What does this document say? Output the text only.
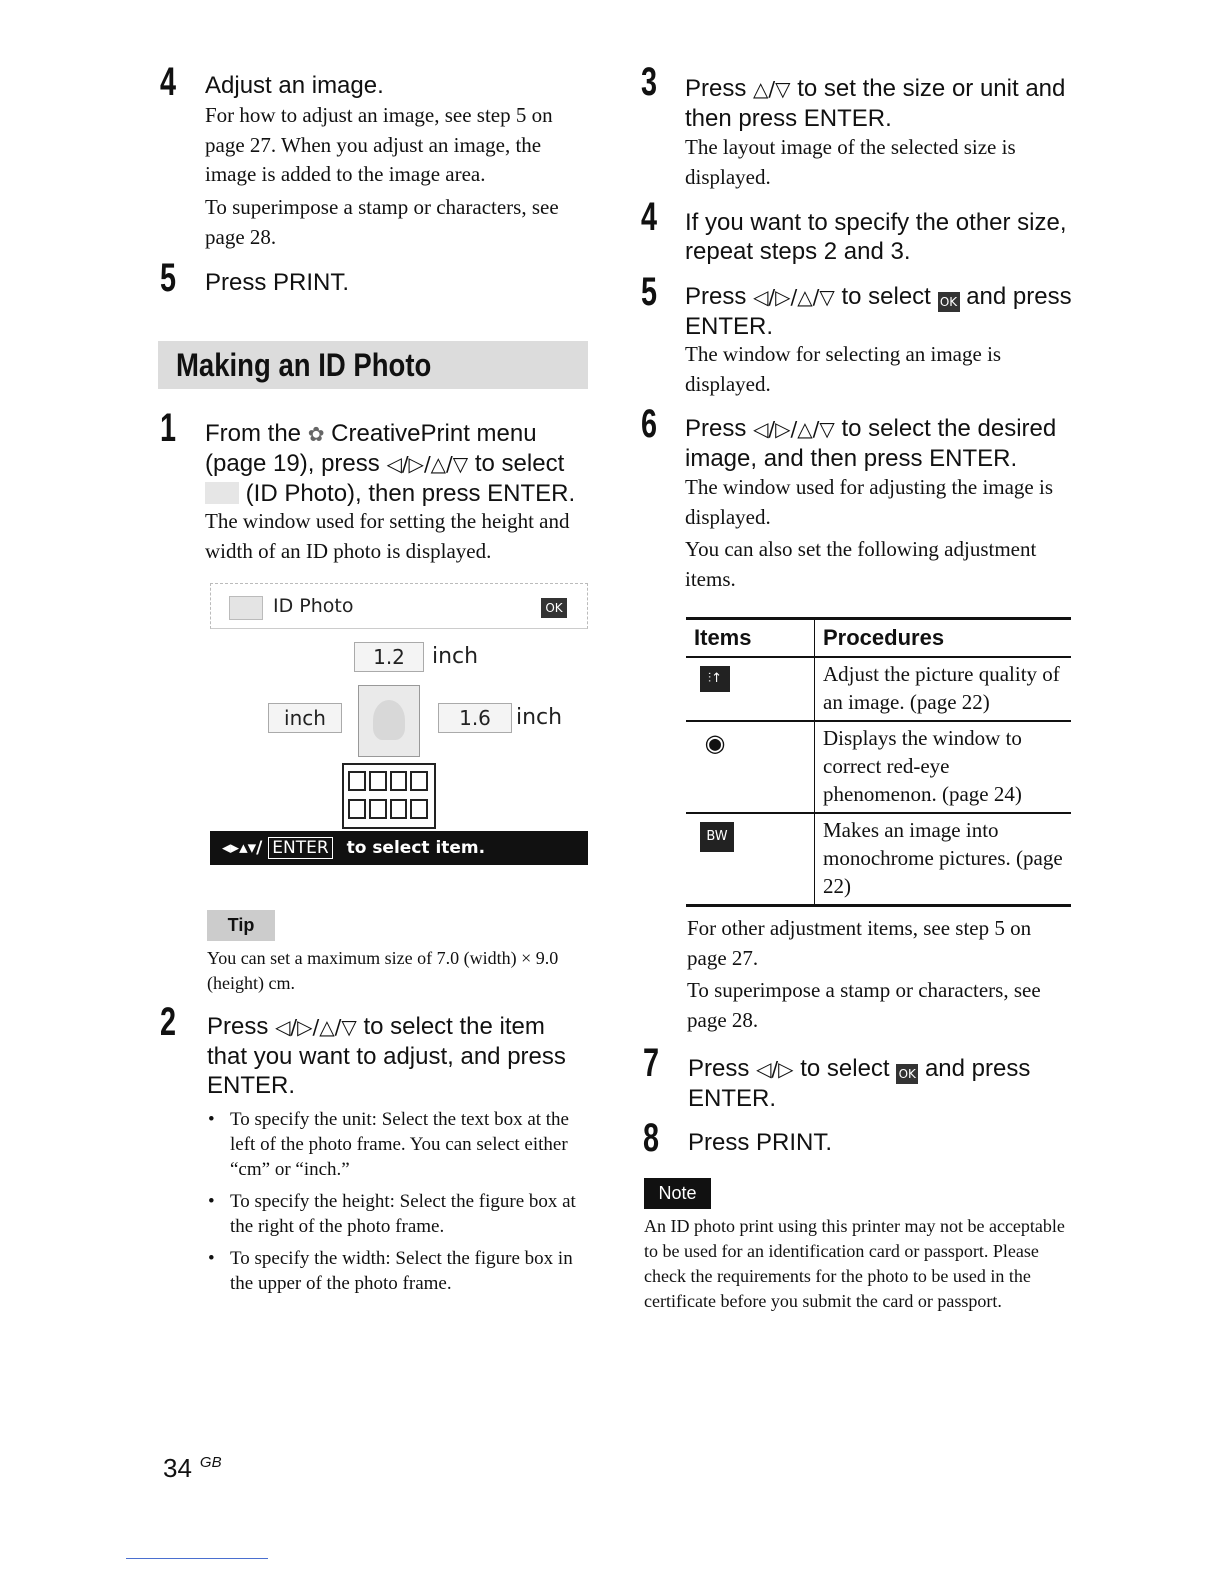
4 Adjust an image.
For how to adjust an image, see step 5 on page 27. When you adjust an image, the image is added to the image area.
To superimpose a stamp or characters, see page 28.
5 Press PRINT.
Making an ID Photo
1 From the ✿ CreativePrint menu
(page 19), press ◁/▷/△/▽ to select
(ID Photo), then press ENTER.
The window used for setting the height and width of an ID photo is displayed.
ID Photo	OK
1.2	inch
inch	1.6	inch
◂▸▴▾/ ENTER to select item.
Tip
You can set a maximum size of 7.0 (width) × 9.0 (height) cm.
2 Press ◁/▷/△/▽ to select the item that you want to adjust, and press ENTER.
• To specify the unit: Select the text box at the left of the photo frame. You can select either “cm” or “inch.”
• To specify the height: Select the figure box at the right of the photo frame.
• To specify the width: Select the figure box in the upper of the photo frame.
3 Press △/▽ to set the size or unit and then press ENTER.
The layout image of the selected size is displayed.
4 If you want to specify the other size, repeat steps 2 and 3.
5 Press ◁/▷/△/▽ to select OK and press ENTER.
The window for selecting an image is displayed.
6 Press ◁/▷/△/▽ to select the desired image, and then press ENTER.
The window used for adjusting the image is displayed.
You can also set the following adjustment items.
Items	Procedures
⫶↑	Adjust the picture quality of an image. (page 22)
◉	Displays the window to correct red-eye phenomenon. (page 24)
BW	Makes an image into monochrome pictures. (page 22)
For other adjustment items, see step 5 on page 27.
To superimpose a stamp or characters, see page 28.
7 Press ◁/▷ to select OK and press ENTER.
8 Press PRINT.
Note
An ID photo print using this printer may not be acceptable to be used for an identification card or passport. Please check the requirements for the photo to be used in the certificate before you submit the card or passport.
34 $^{GB}$
